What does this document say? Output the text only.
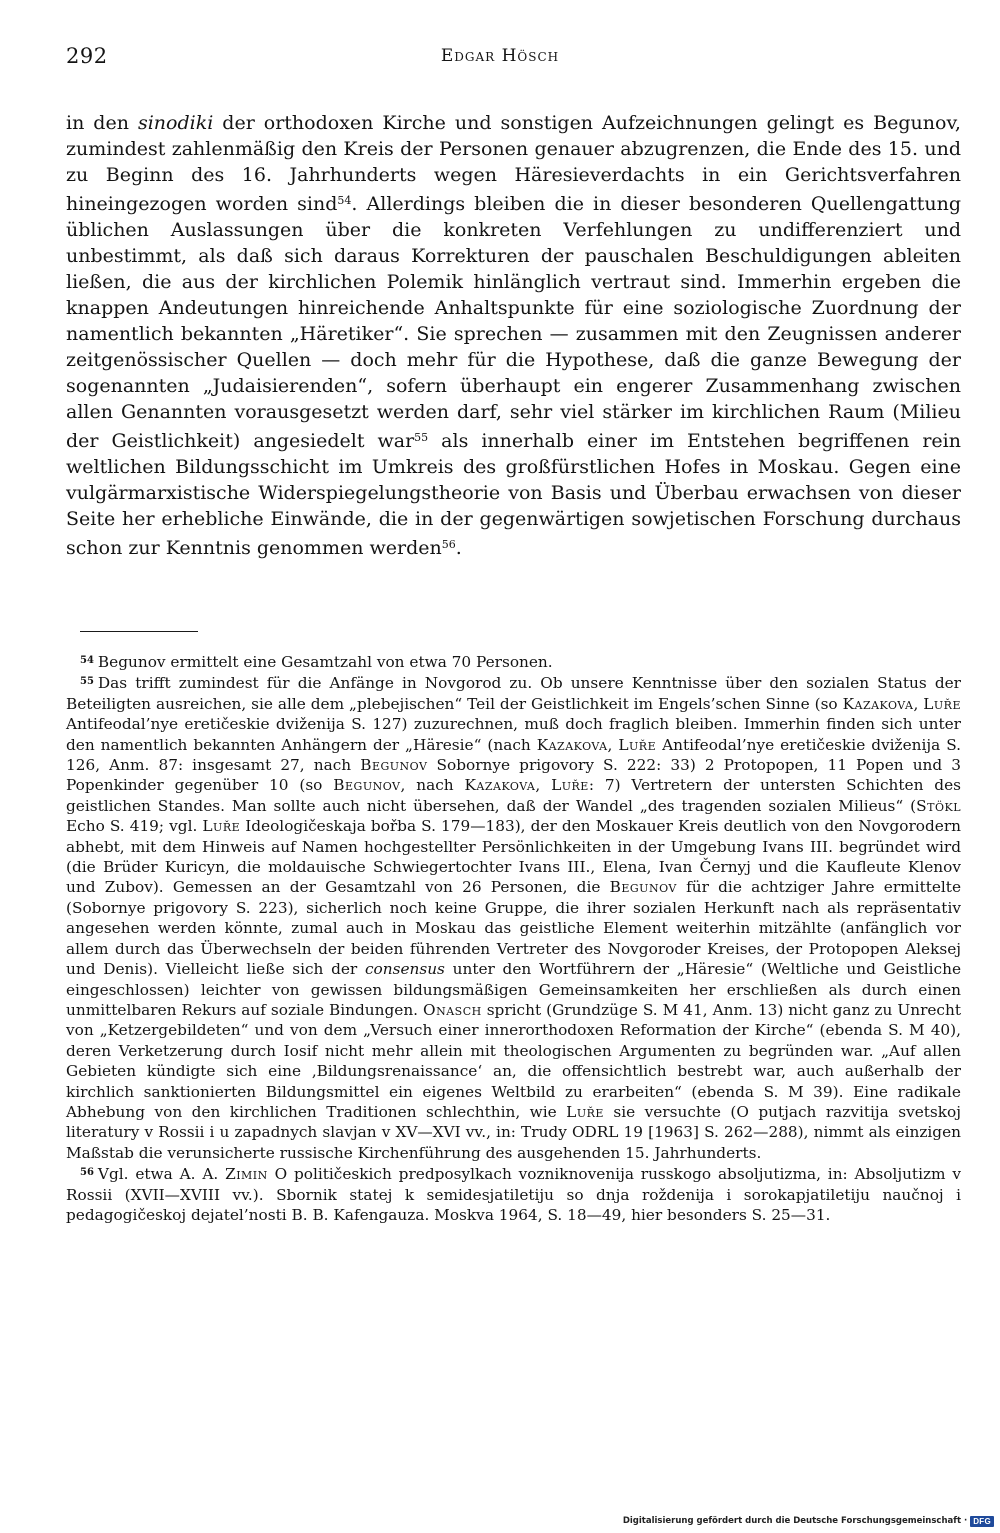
292	Edgar Hösch

in den sinodiki der orthodoxen Kirche und sonstigen Aufzeichnungen gelingt es Begunov, zumindest zahlenmäßig den Kreis der Personen genauer abzugrenzen, die Ende des 15. und zu Beginn des 16. Jahrhunderts wegen Häresieverdachts in ein Gerichtsverfahren hineingezogen worden sind$^{54}$. Allerdings bleiben die in dieser besonderen Quellengattung üblichen Auslassungen über die konkreten Verfehlungen zu undifferenziert und unbestimmt, als daß sich daraus Korrekturen der pauschalen Beschuldigungen ableiten ließen, die aus der kirchlichen Polemik hinlänglich vertraut sind. Immerhin ergeben die knappen Andeutungen hinreichende Anhaltspunkte für eine soziologische Zuordnung der namentlich bekannten „Häretiker“. Sie sprechen — zusammen mit den Zeugnissen anderer zeitgenössischer Quellen — doch mehr für die Hypothese, daß die ganze Bewegung der sogenannten „Judaisierenden“, sofern überhaupt ein engerer Zusammenhang zwischen allen Genannten vorausgesetzt werden darf, sehr viel stärker im kirchlichen Raum (Milieu der Geistlichkeit) angesiedelt war$^{55}$ als innerhalb einer im Entstehen begriffenen rein weltlichen Bildungsschicht im Umkreis des großfürstlichen Hofes in Moskau. Gegen eine vulgärmarxistische Widerspiegelungstheorie von Basis und Überbau erwachsen von dieser Seite her erhebliche Einwände, die in der gegenwärtigen sowjetischen Forschung durchaus schon zur Kenntnis genommen werden$^{56}$.

$^{54}$ Begunov ermittelt eine Gesamtzahl von etwa 70 Personen.

$^{55}$ Das trifft zumindest für die Anfänge in Novgorod zu. Ob unsere Kenntnisse über den sozialen Status der Beteiligten ausreichen, sie alle dem „plebejischen“ Teil der Geistlichkeit im Engels’schen Sinne (so Kazakova, Luře Antifeodal’nye eretičeskie dviženija S. 127) zuzurechnen, muß doch fraglich bleiben. Immerhin finden sich unter den namentlich bekannten Anhängern der „Häresie“ (nach Kazakova, Luře Antifeodal’nye eretičeskie dviženija S. 126, Anm. 87: insgesamt 27, nach Begunov Sobornye prigovory S. 222: 33) 2 Protopopen, 11 Popen und 3 Popenkinder gegenüber 10 (so Begunov, nach Kazakova, Luře: 7) Vertretern der untersten Schichten des geistlichen Standes. Man sollte auch nicht übersehen, daß der Wandel „des tragenden sozialen Milieus“ (Stökl Echo S. 419; vgl. Luře Ideologičeskaja bořba S. 179—183), der den Moskauer Kreis deutlich von den Novgorodern abhebt, mit dem Hinweis auf Namen hochgestellter Persönlichkeiten in der Umgebung Ivans III. begründet wird (die Brüder Kuricyn, die moldauische Schwiegertochter Ivans III., Elena, Ivan Černyj und die Kaufleute Klenov und Zubov). Gemessen an der Gesamtzahl von 26 Personen, die Begunov für die achtziger Jahre ermittelte (Sobornye prigovory S. 223), sicherlich noch keine Gruppe, die ihrer sozialen Herkunft nach als repräsentativ angesehen werden könnte, zumal auch in Moskau das geistliche Element weiterhin mitzählte (anfänglich vor allem durch das Überwechseln der beiden führenden Vertreter des Novgoroder Kreises, der Protopopen Aleksej und Denis). Vielleicht ließe sich der consensus unter den Wortführern der „Häresie“ (Weltliche und Geistliche eingeschlossen) leichter von gewissen bildungsmäßigen Gemeinsamkeiten her erschließen als durch einen unmittelbaren Rekurs auf soziale Bindungen. Onasch spricht (Grundzüge S. M 41, Anm. 13) nicht ganz zu Unrecht von „Ketzergebildeten“ und von dem „Versuch einer innerorthodoxen Reformation der Kirche“ (ebenda S. M 40), deren Verketzerung durch Iosif nicht mehr allein mit theologischen Argumenten zu begründen war. „Auf allen Gebieten kündigte sich eine ‚Bildungsrenaissance‘ an, die offensichtlich bestrebt war, auch außerhalb der kirchlich sanktionierten Bildungsmittel ein eigenes Weltbild zu erarbeiten“ (ebenda S. M 39). Eine radikale Abhebung von den kirchlichen Traditionen schlechthin, wie Luře sie versuchte (O putjach razvitija svetskoj literatury v Rossii i u zapadnych slavjan v XV—XVI vv., in: Trudy ODRL 19 [1963] S. 262—288), nimmt als einzigen Maßstab die verunsicherte russische Kirchenführung des ausgehenden 15. Jahrhunderts.

$^{56}$ Vgl. etwa A. A. Zimin O političeskich predposylkach vozniknovenija russkogo absoljutizma, in: Absoljutizm v Rossii (XVII—XVIII vv.). Sbornik statej k semidesjatiletiju so dnja roždenija i sorokapjatiletiju naučnoj i pedagogičeskoj dejatel’nosti B. B. Kafengauza. Moskva 1964, S. 18—49, hier besonders S. 25—31.

Digitalisierung gefördert durch die Deutsche Forschungsgemeinschaft · DFG
